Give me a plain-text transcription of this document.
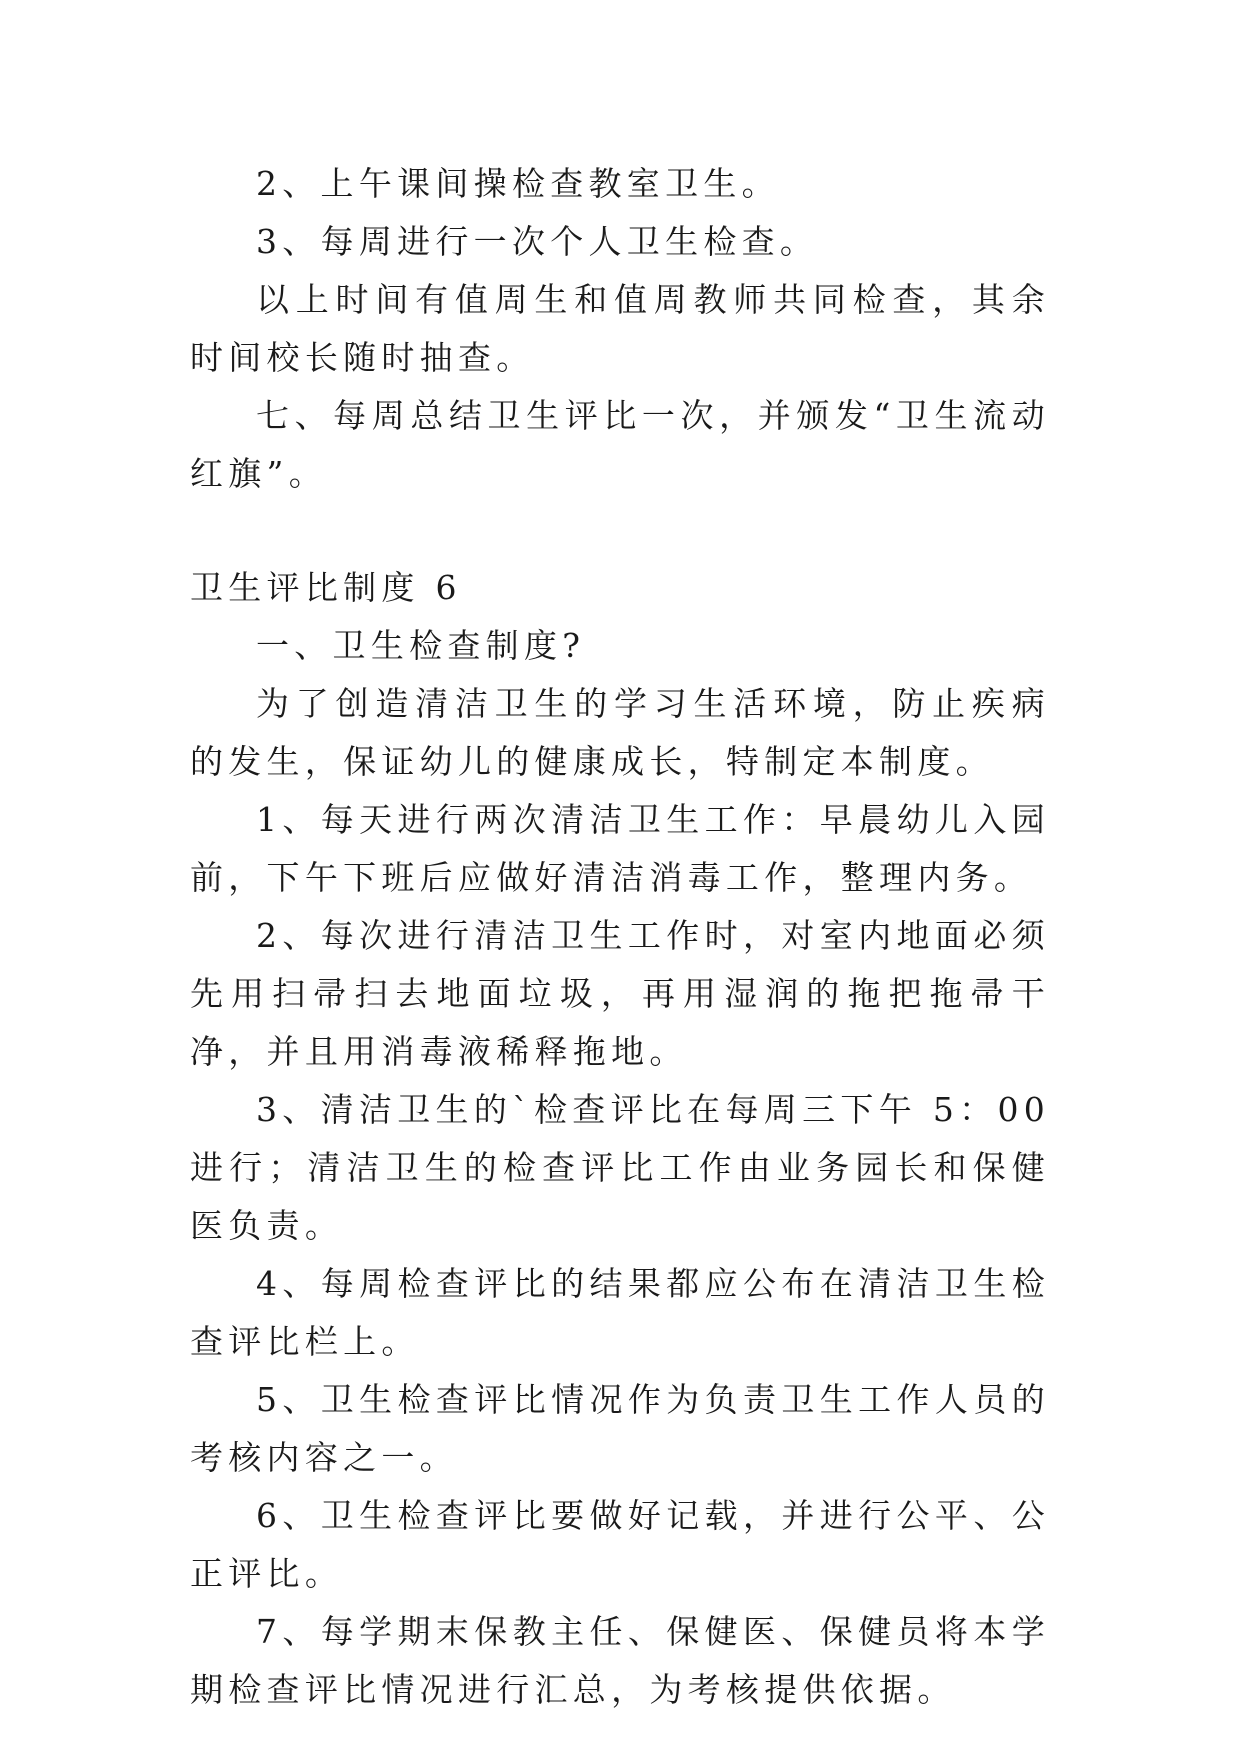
2、上午课间操检查教室卫生。

3、每周进行一次个人卫生检查。

以上时间有值周生和值周教师共同检查，其余时间校长随时抽查。

七、每周总结卫生评比一次，并颁发“卫生流动红旗”。

卫生评比制度 6

一、卫生检查制度?

为了创造清洁卫生的学习生活环境，防止疾病的发生，保证幼儿的健康成长，特制定本制度。

1、每天进行两次清洁卫生工作：早晨幼儿入园前，下午下班后应做好清洁消毒工作，整理内务。

2、每次进行清洁卫生工作时，对室内地面必须先用扫帚扫去地面垃圾，再用湿润的拖把拖帚干净，并且用消毒液稀释拖地。

3、清洁卫生的`检查评比在每周三下午 5：00 进行；清洁卫生的检查评比工作由业务园长和保健医负责。

4、每周检查评比的结果都应公布在清洁卫生检查评比栏上。

5、卫生检查评比情况作为负责卫生工作人员的考核内容之一。

6、卫生检查评比要做好记载，并进行公平、公正评比。

7、每学期末保教主任、保健医、保健员将本学期检查评比情况进行汇总，为考核提供依据。
